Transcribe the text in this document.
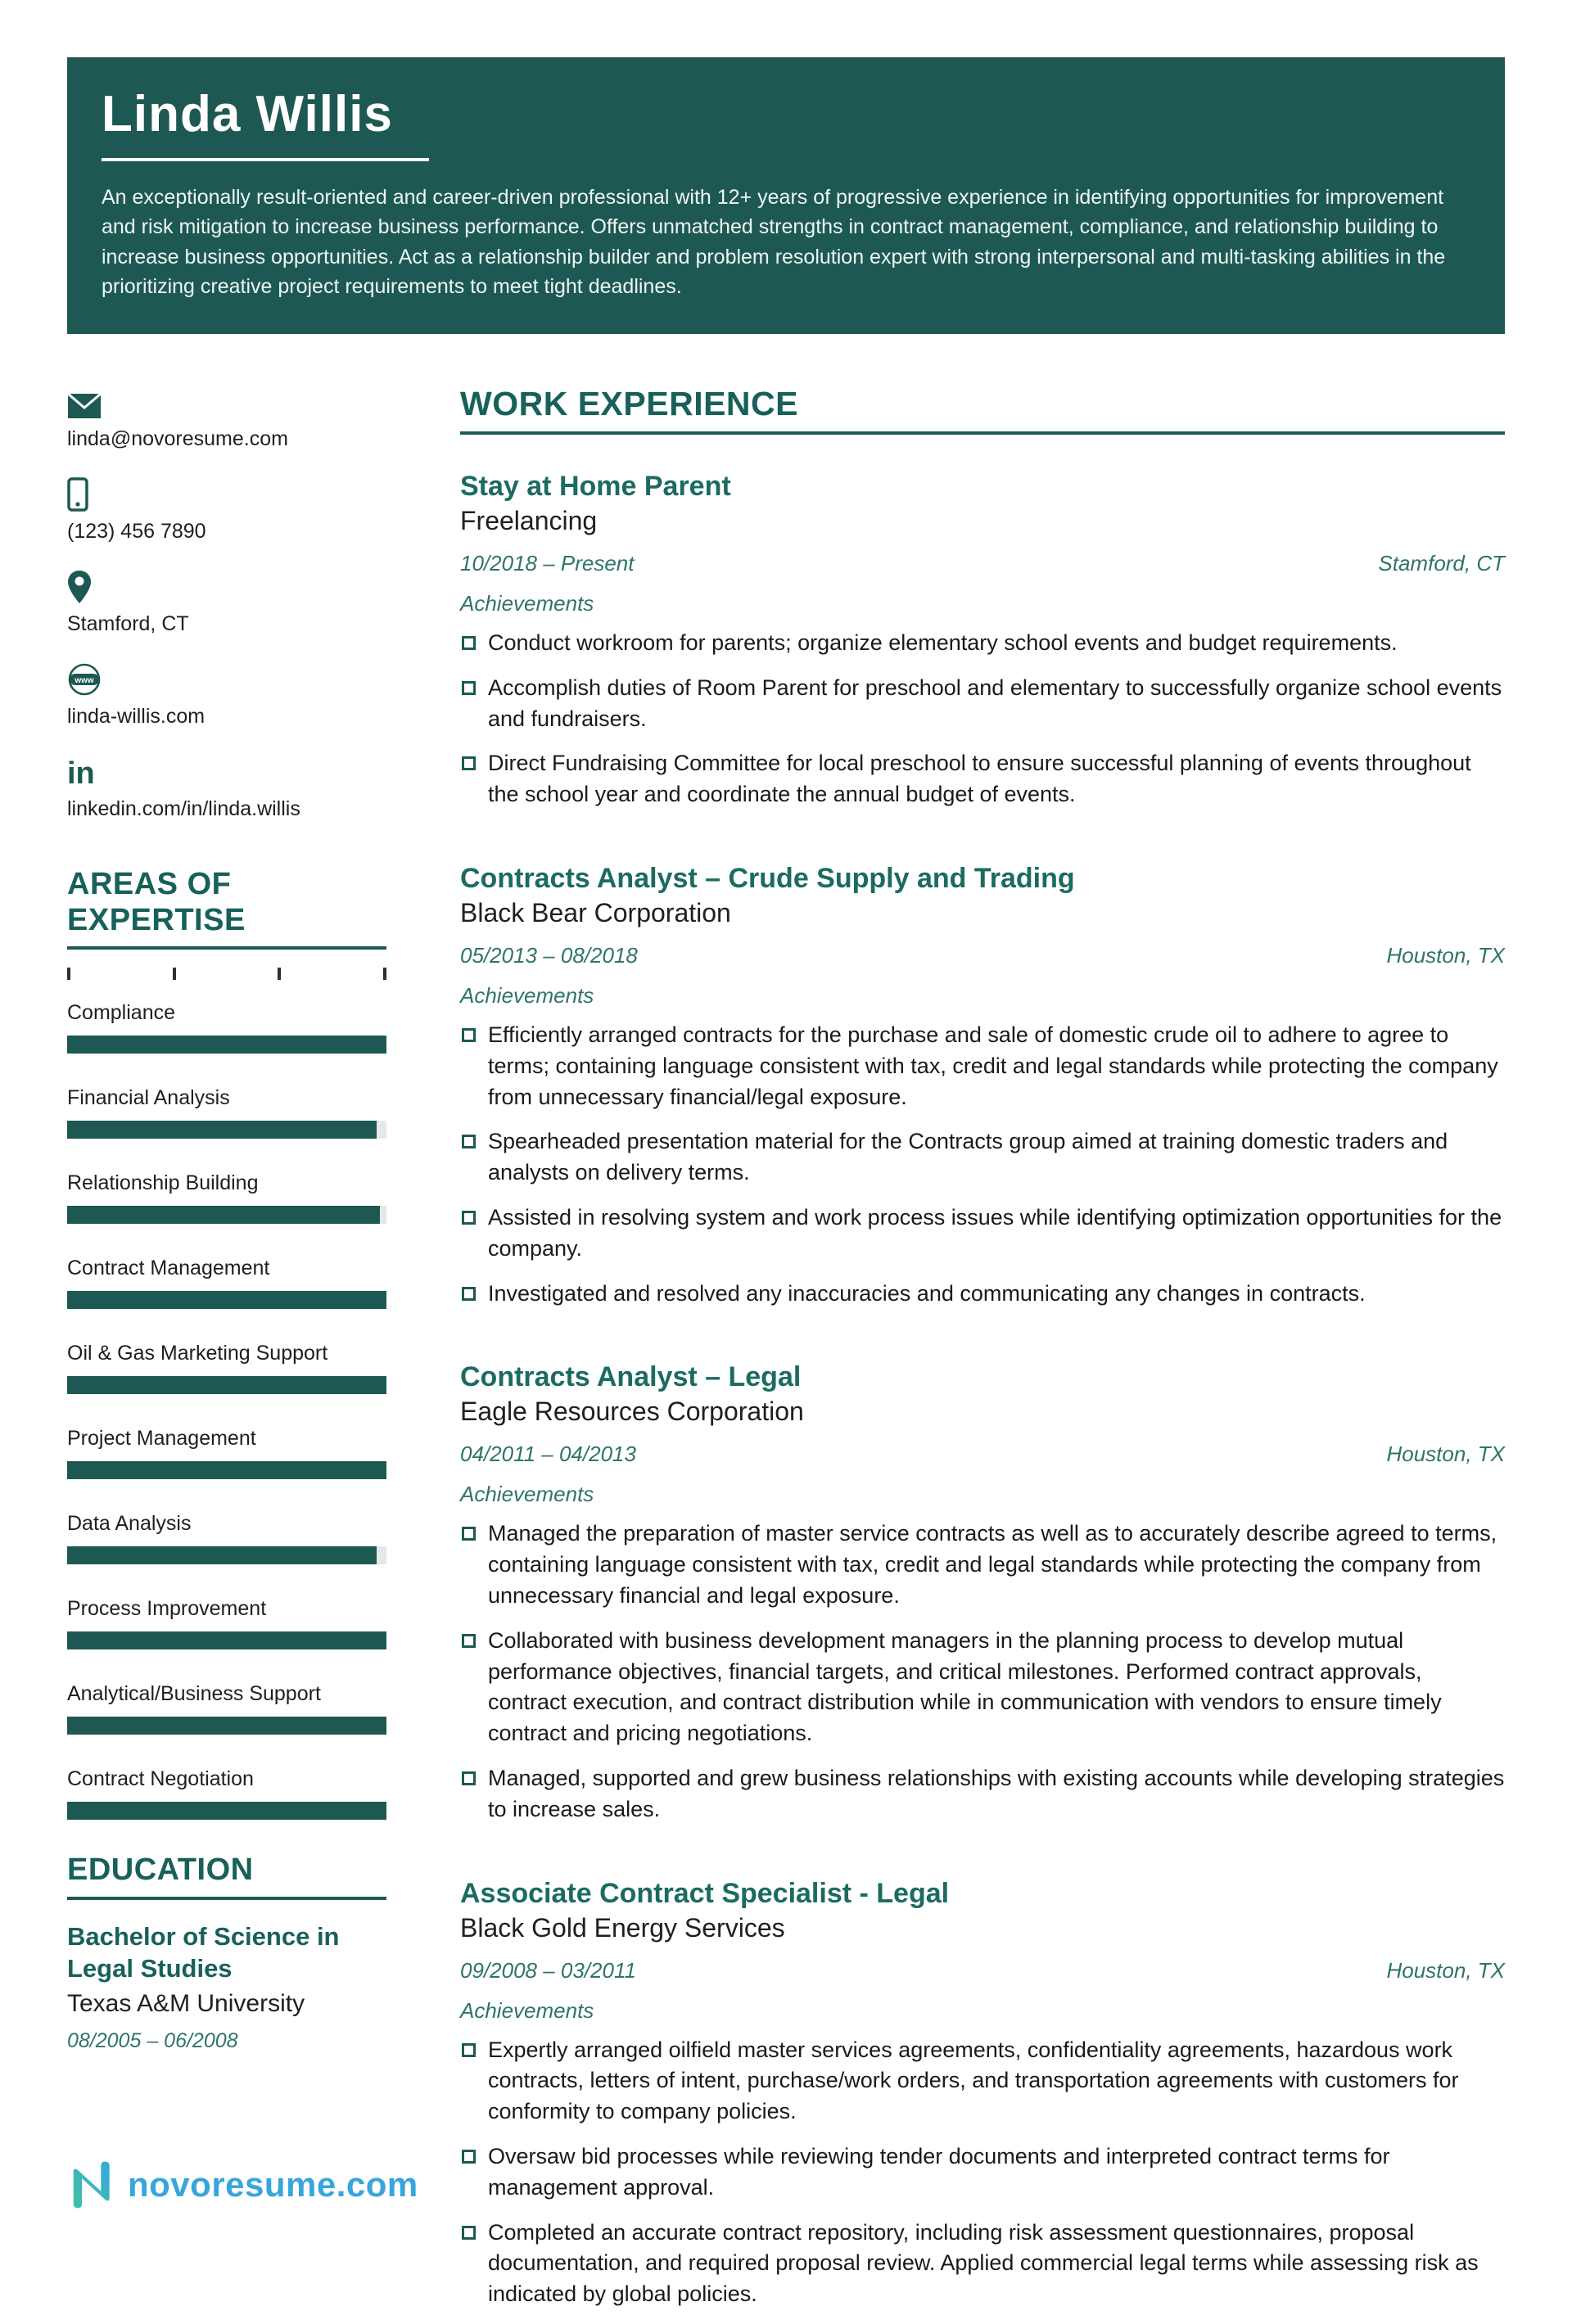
Linda Willis
An exceptionally result-oriented and career-driven professional with 12+ years of progressive experience in identifying opportunities for improvement and risk mitigation to increase business performance. Offers unmatched strengths in contract management, compliance, and relationship building to increase business opportunities. Act as a relationship builder and problem resolution expert with strong interpersonal and multi-tasking abilities in the prioritizing creative project requirements to meet tight deadlines.
linda@novoresume.com
(123) 456 7890
Stamford, CT
www
linda-willis.com
in
linkedin.com/in/linda.willis
AREAS OF EXPERTISE
Compliance
Financial Analysis
Relationship Building
Contract Management
Oil & Gas Marketing Support
Project Management
Data Analysis
Process Improvement
Analytical/Business Support
Contract Negotiation
EDUCATION
Bachelor of Science in Legal Studies
Texas A&M University
08/2005 – 06/2008
WORK EXPERIENCE
Stay at Home Parent
Freelancing
10/2018 – Present	Stamford, CT
Achievements
Conduct workroom for parents; organize elementary school events and budget requirements.
Accomplish duties of Room Parent for preschool and elementary to successfully organize school events and fundraisers.
Direct Fundraising Committee for local preschool to ensure successful planning of events throughout the school year and coordinate the annual budget of events.
Contracts Analyst – Crude Supply and Trading
Black Bear Corporation
05/2013 – 08/2018	Houston, TX
Achievements
Efficiently arranged contracts for the purchase and sale of domestic crude oil to adhere to agree to terms; containing language consistent with tax, credit and legal standards while protecting the company from unnecessary financial/legal exposure.
Spearheaded presentation material for the Contracts group aimed at training domestic traders and analysts on delivery terms.
Assisted in resolving system and work process issues while identifying optimization opportunities for the company.
Investigated and resolved any inaccuracies and communicating any changes in contracts.
Contracts Analyst – Legal
Eagle Resources Corporation
04/2011 – 04/2013	Houston, TX
Achievements
Managed the preparation of master service contracts as well as to accurately describe agreed to terms, containing language consistent with tax, credit and legal standards while protecting the company from unnecessary financial and legal exposure.
Collaborated with business development managers in the planning process to develop mutual performance objectives, financial targets, and critical milestones. Performed contract approvals, contract execution, and contract distribution while in communication with vendors to ensure timely contract and pricing negotiations.
Managed, supported and grew business relationships with existing accounts while developing strategies to increase sales.
Associate Contract Specialist - Legal
Black Gold Energy Services
09/2008 – 03/2011	Houston, TX
Achievements
Expertly arranged oilfield master services agreements, confidentiality agreements, hazardous work contracts, letters of intent, purchase/work orders, and transportation agreements with customers for conformity to company policies.
Oversaw bid processes while reviewing tender documents and interpreted contract terms for management approval.
Completed an accurate contract repository, including risk assessment questionnaires, proposal documentation, and required proposal review. Applied commercial legal terms while assessing risk as indicated by global policies.
novoresume.com
